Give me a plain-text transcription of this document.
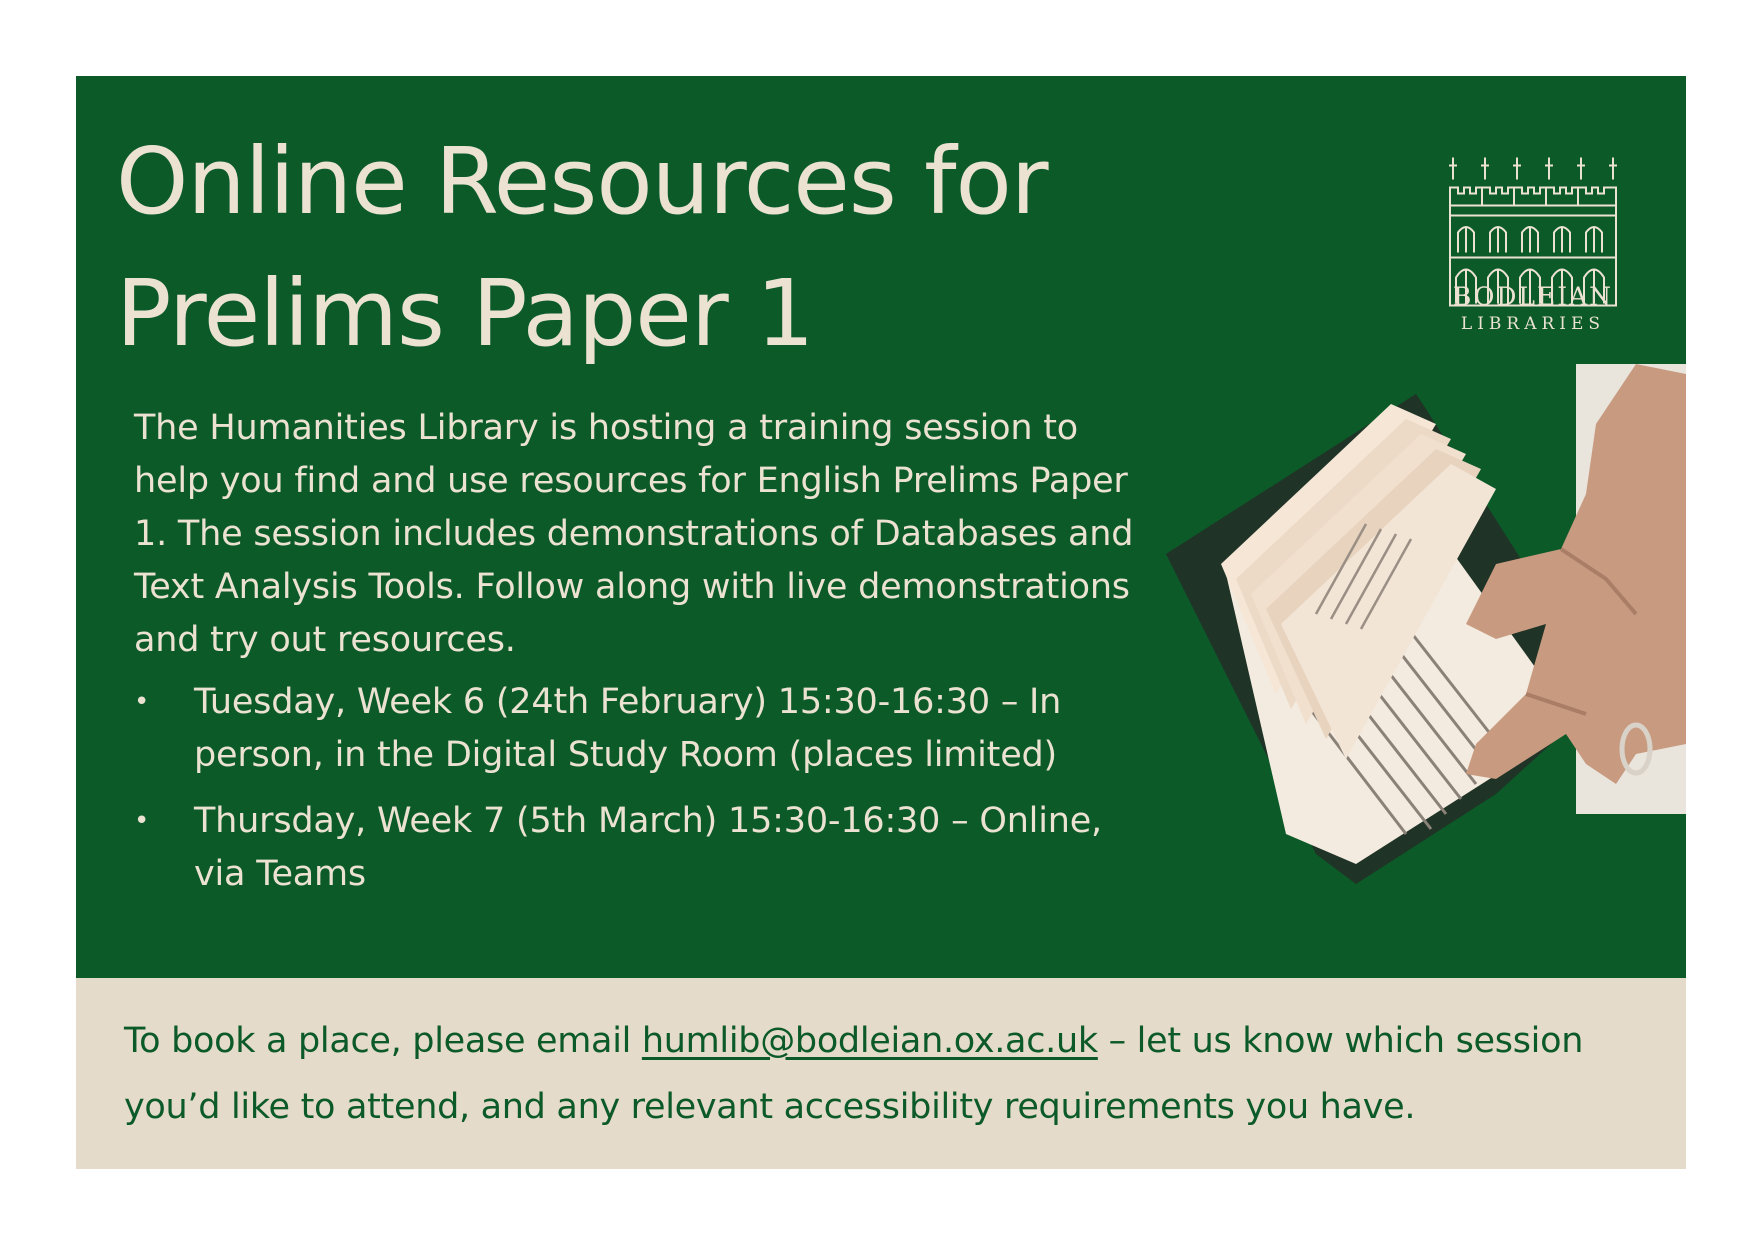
Online Resources for
Prelims Paper 1

The Humanities Library is hosting a training session to help you find and use resources for English Prelims Paper 1. The session includes demonstrations of Databases and Text Analysis Tools. Follow along with live demonstrations and try out resources.

• Tuesday, Week 6 (24th February) 15:30-16:30 – In person, in the Digital Study Room (places limited)
• Thursday, Week 7 (5th March) 15:30-16:30 – Online, via Teams
BODLEIAN
LIBRARIES

To book a place, please email humlib@bodleian.ox.ac.uk – let us know which session you’d like to attend, and any relevant accessibility requirements you have.
